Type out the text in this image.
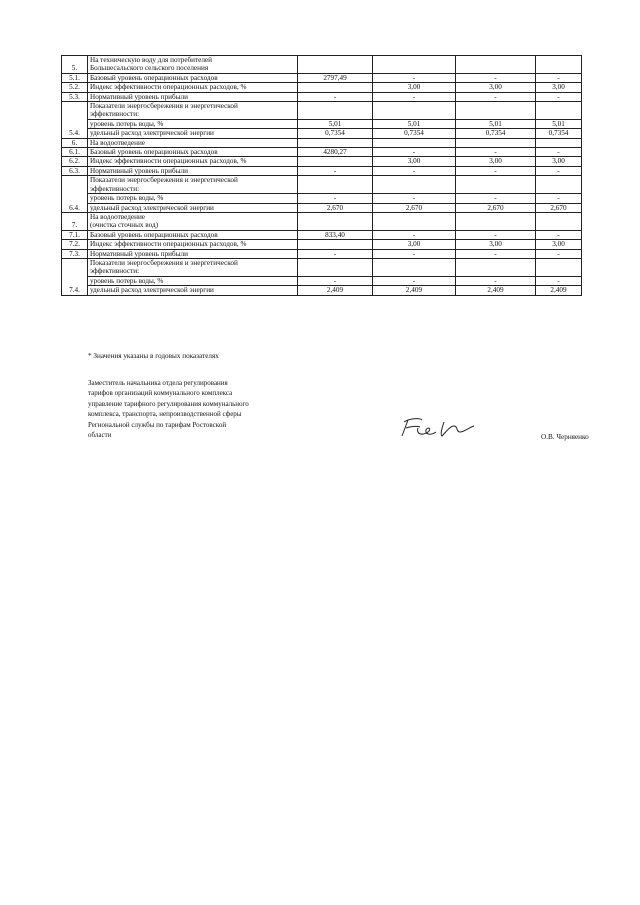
5.	На техническую воду для потребителей
Большесальского сельского поселения				

5.1.	Базовый уровень операционных расходов	2797,49	-	-	-
5.2.	Индекс эффективности операционных расходов, %		3,00	3,00	3,00
5.3.	Нормативный уровень прибыли	-	-	-	-
5.4.	Показатели энергосбережения и энергетической
эффективности:				

	уровень потерь воды, %	5,01	5,01	5,01	5,01
	удельный расход электрической энергии	0,7354	0,7354	0,7354	0,7354
6.	На водоотведение				

6.1.	Базовый уровень операционных расходов	4280,27	-	-	-
6.2.	Индекс эффективности операционных расходов, %		3,00	3,00	3,00
6.3.	Нормативный уровень прибыли	-	-	-	-
6.4.	Показатели энергосбережения и энергетической
эффективности:				

	уровень потерь воды, %	-	-	-	-
	удельный расход электрической энергии	2,670	2,670	2,670	2,670
7.	На водоотведение
(очистка сточных вод)				

7.1.	Базовый уровень операционных расходов	833,40	-	-	-
7.2.	Индекс эффективности операционных расходов, %		3,00	3,00	3,00
7.3.	Нормативный уровень прибыли	-	-	-	-
7.4.	Показатели энергосбережения и энергетической
эффективности:				

	уровень потерь воды, %	-	-	-	-
	удельный расход электрической энергии	2,409	2,409	2,409	2,409
* Значения указаны в годовых показателях
Заместитель начальника отдела регулирования
тарифов организаций коммунального комплекса
управление тарифного регулирования коммунального
комплекса, транспорта, непроизводственной сферы
Региональной службы по тарифам Ростовской
области	О.В. Черняенко
